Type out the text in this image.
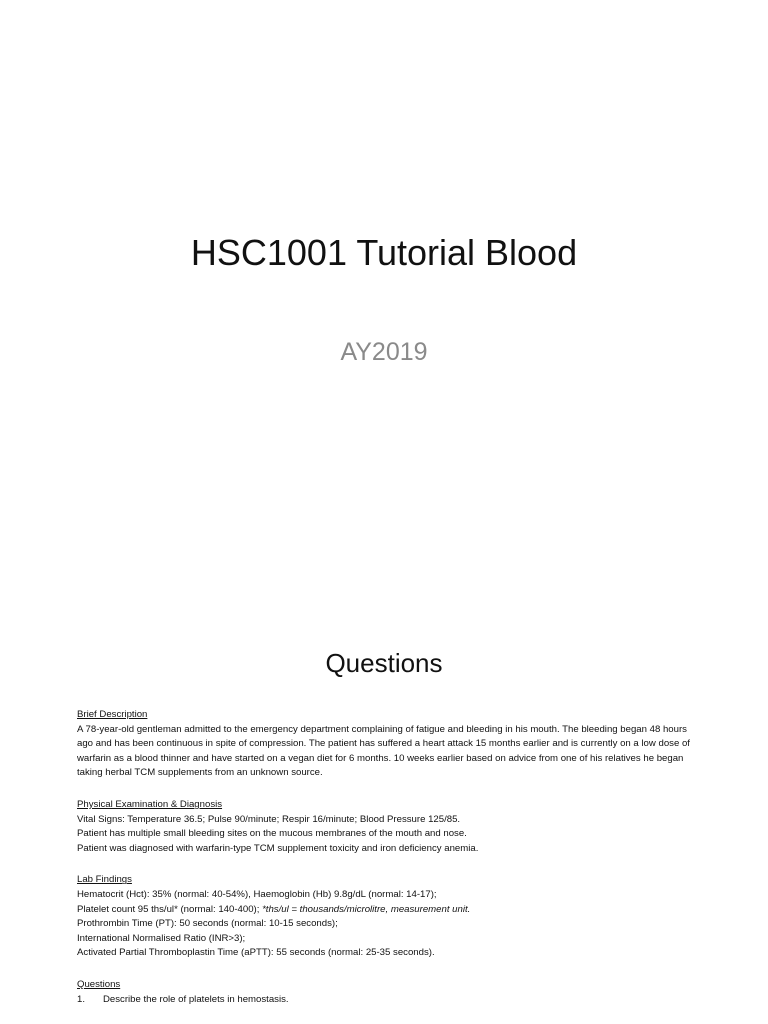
HSC1001 Tutorial Blood
AY2019
Questions
Brief Description
A 78-year-old gentleman admitted to the emergency department complaining of fatigue and bleeding in his mouth. The bleeding began 48 hours ago and has been continuous in spite of compression. The patient has suffered a heart attack 15 months earlier and is currently on a low dose of warfarin as a blood thinner and have started on a vegan diet for 6 months. 10 weeks earlier based on advice from one of his relatives he began taking herbal TCM supplements from an unknown source.
Physical Examination & Diagnosis
Vital Signs: Temperature 36.5; Pulse 90/minute; Respir 16/minute; Blood Pressure 125/85.
Patient has multiple small bleeding sites on the mucous membranes of the mouth and nose.
Patient was diagnosed with warfarin-type TCM supplement toxicity and iron deficiency anemia.
Lab Findings
Hematocrit (Hct): 35% (normal: 40-54%), Haemoglobin (Hb) 9.8g/dL (normal: 14-17);
Platelet count 95 ths/ul* (normal: 140-400); *ths/ul = thousands/microlitre, measurement unit.
Prothrombin Time (PT): 50 seconds (normal: 10-15 seconds);
International Normalised Ratio (INR>3);
Activated Partial Thromboplastin Time (aPTT): 55 seconds (normal: 25-35 seconds).
Questions
1.	Describe the role of platelets in hemostasis.
